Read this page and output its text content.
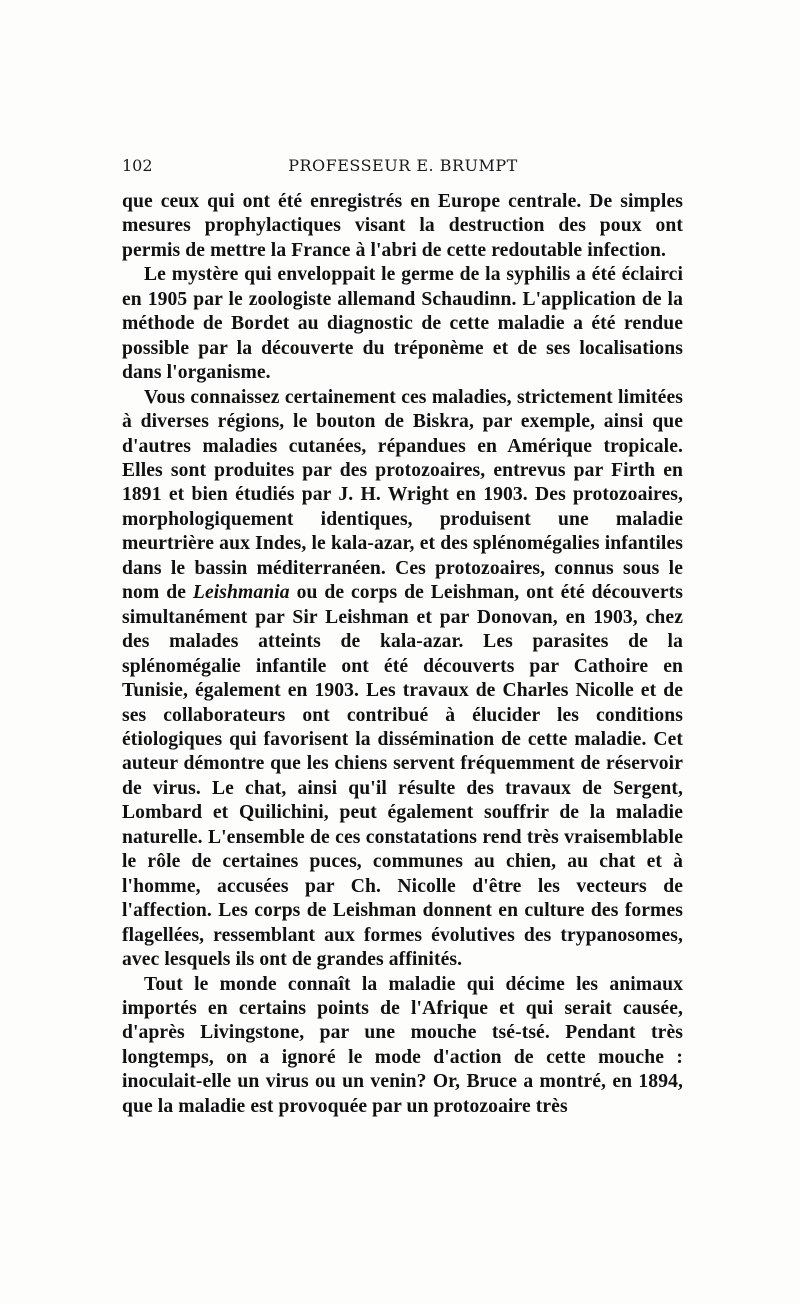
102	PROFESSEUR E. BRUMPT

que ceux qui ont été enregistrés en Europe centrale. De simples mesures prophylactiques visant la destruction des poux ont permis de mettre la France à l'abri de cette redoutable infection.

Le mystère qui enveloppait le germe de la syphilis a été éclairci en 1905 par le zoologiste allemand Schaudinn. L'application de la méthode de Bordet au diagnostic de cette maladie a été rendue possible par la découverte du tréponème et de ses localisations dans l'organisme.

Vous connaissez certainement ces maladies, strictement limitées à diverses régions, le bouton de Biskra, par exemple, ainsi que d'autres maladies cutanées, répandues en Amérique tropicale. Elles sont produites par des protozoaires, entrevus par Firth en 1891 et bien étudiés par J. H. Wright en 1903. Des protozoaires, morphologiquement identiques, produisent une maladie meurtrière aux Indes, le kala-azar, et des splénomégalies infantiles dans le bassin méditerranéen. Ces protozoaires, connus sous le nom de Leishmania ou de corps de Leishman, ont été découverts simultanément par Sir Leishman et par Donovan, en 1903, chez des malades atteints de kala-azar. Les parasites de la splénomégalie infantile ont été découverts par Cathoire en Tunisie, également en 1903. Les travaux de Charles Nicolle et de ses collaborateurs ont contribué à élucider les conditions étiologiques qui favorisent la dissémination de cette maladie. Cet auteur démontre que les chiens servent fréquemment de réservoir de virus. Le chat, ainsi qu'il résulte des travaux de Sergent, Lombard et Quilichini, peut également souffrir de la maladie naturelle. L'ensemble de ces constatations rend très vraisemblable le rôle de certaines puces, communes au chien, au chat et à l'homme, accusées par Ch. Nicolle d'être les vecteurs de l'affection. Les corps de Leishman donnent en culture des formes flagellées, ressemblant aux formes évolutives des trypanosomes, avec lesquels ils ont de grandes affinités.

Tout le monde connaît la maladie qui décime les animaux importés en certains points de l'Afrique et qui serait causée, d'après Livingstone, par une mouche tsé-tsé. Pendant très longtemps, on a ignoré le mode d'action de cette mouche : inoculait-elle un virus ou un venin? Or, Bruce a montré, en 1894, que la maladie est provoquée par un protozoaire très
